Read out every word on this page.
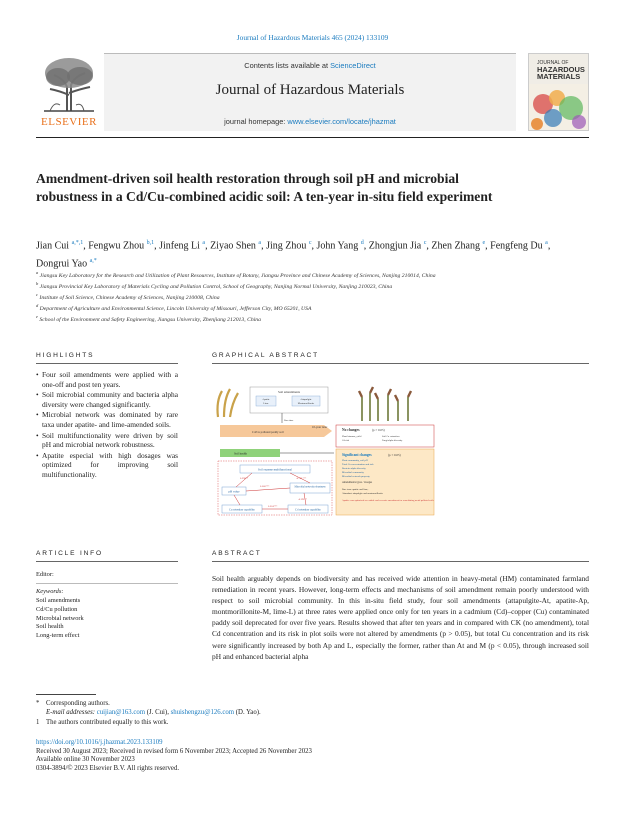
Journal of Hazardous Materials 465 (2024) 133109
ELSEVIER
Contents lists available at ScienceDirect
Journal of Hazardous Materials
journal homepage: www.elsevier.com/locate/jhazmat
JOURNAL OF
HAZARDOUS
MATERIALS
Amendment-driven soil health restoration through soil pH and microbial robustness in a Cd/Cu-combined acidic soil: A ten-year in-situ field experiment
Jian Cui $^{a,*,1}$, Fengwu Zhou $^{b,1}$, Jinfeng Li $^a$, Ziyao Shen $^a$, Jing Zhou $^c$, John Yang $^d$, Zhongjun Jia $^c$, Zhen Zhang $^e$, Fengfeng Du $^a$, Dongrui Yao $^{a,*}$
$^a$ Jiangsu Key Laboratory for the Research and Utilization of Plant Resources, Institute of Botany, Jiangsu Province and Chinese Academy of Sciences, Nanjing 210014, China
$^b$ Jiangsu Provincial Key Laboratory of Materials Cycling and Pollution Control, School of Geography, Nanjing Normal University, Nanjing 210023, China
$^c$ Institute of Soil Science, Chinese Academy of Sciences, Nanjing 210008, China
$^d$ Department of Agriculture and Environmental Science, Lincoln University of Missouri, Jefferson City, MO 65201, USA
$^e$ School of the Environment and Safety Engineering, Jiangsu University, Zhenjiang 212013, China
HIGHLIGHTS
• Four soil amendments were applied with a one-off and post ten years.
• Soil microbial community and bacteria alpha diversity were changed significantly.
• Microbial network was dominated by rare taxa under apatite- and lime-amended soils.
• Soil multifunctionality were driven by soil pH and microbial network robustness.
• Apatite especial with high dosages was optimized for improving soil multifunctionality.
GRAPHICAL ABSTRACT
Soil amendments
Apatite
Lime
Attapulgite
Montmorillonite
One-time
Cd/Cu polluted paddy soil
10-year later
No changes	(p > 0.05)
Plant biomass, yield	Soil Cu extraction
Cd risk	Fungi alpha diversity
Soil health	Significant changes	(p < 0.05)
Plant community, soil pH
Total Cu concentration and risk
Bacteria alpha diversity
Microbial community
Microbial network property
Amendments types / dosages
Rare taxa: apatite and lime;
Abundant: attapulgite and montmorillonite
Apatite: was optimized as a stable and eco-safe amendment for remediating metal polluted soils
Soil enzyme multifunctional
pH value
Microbial network robustness
Cu retention capability	Cd retention capability
0.298**	-0.781***
0.560***
-0.291**
0.324***
ARTICLE INFO
Editor:
Keywords:
Soil amendments
Cd/Cu pollution
Microbial network
Soil health
Long-term effect
ABSTRACT

Soil health arguably depends on biodiversity and has received wide attention in heavy-metal (HM) contaminated farmland remediation in recent years. However, long-term effects and mechanisms of soil amendment remain poorly understood with respect to soil microbial community. In this in-situ field study, four soil amendments (attapulgite-At, apatite-Ap, montmorillonite-M, lime-L) at three rates were applied once only for ten years in a cadmium (Cd)–copper (Cu) contaminated paddy soil deprecated for over five years. Results showed that after ten years and in compared with CK (no amendment), total Cd concentration and its risk in plot soils were not altered by amendments (p > 0.05), but total Cu concentration and its risk were significantly increased by both Ap and L, especially the former, rather than At and M (p < 0.05), through increased soil pH and enhanced bacterial alpha

* Corresponding authors.
E-mail addresses: cuijian@163.com (J. Cui), shuishengzu@126.com (D. Yao).
1 The authors contributed equally to this work.
https://doi.org/10.1016/j.jhazmat.2023.133109
Received 30 August 2023; Received in revised form 6 November 2023; Accepted 26 November 2023
Available online 30 November 2023
0304-3894/© 2023 Elsevier B.V. All rights reserved.
